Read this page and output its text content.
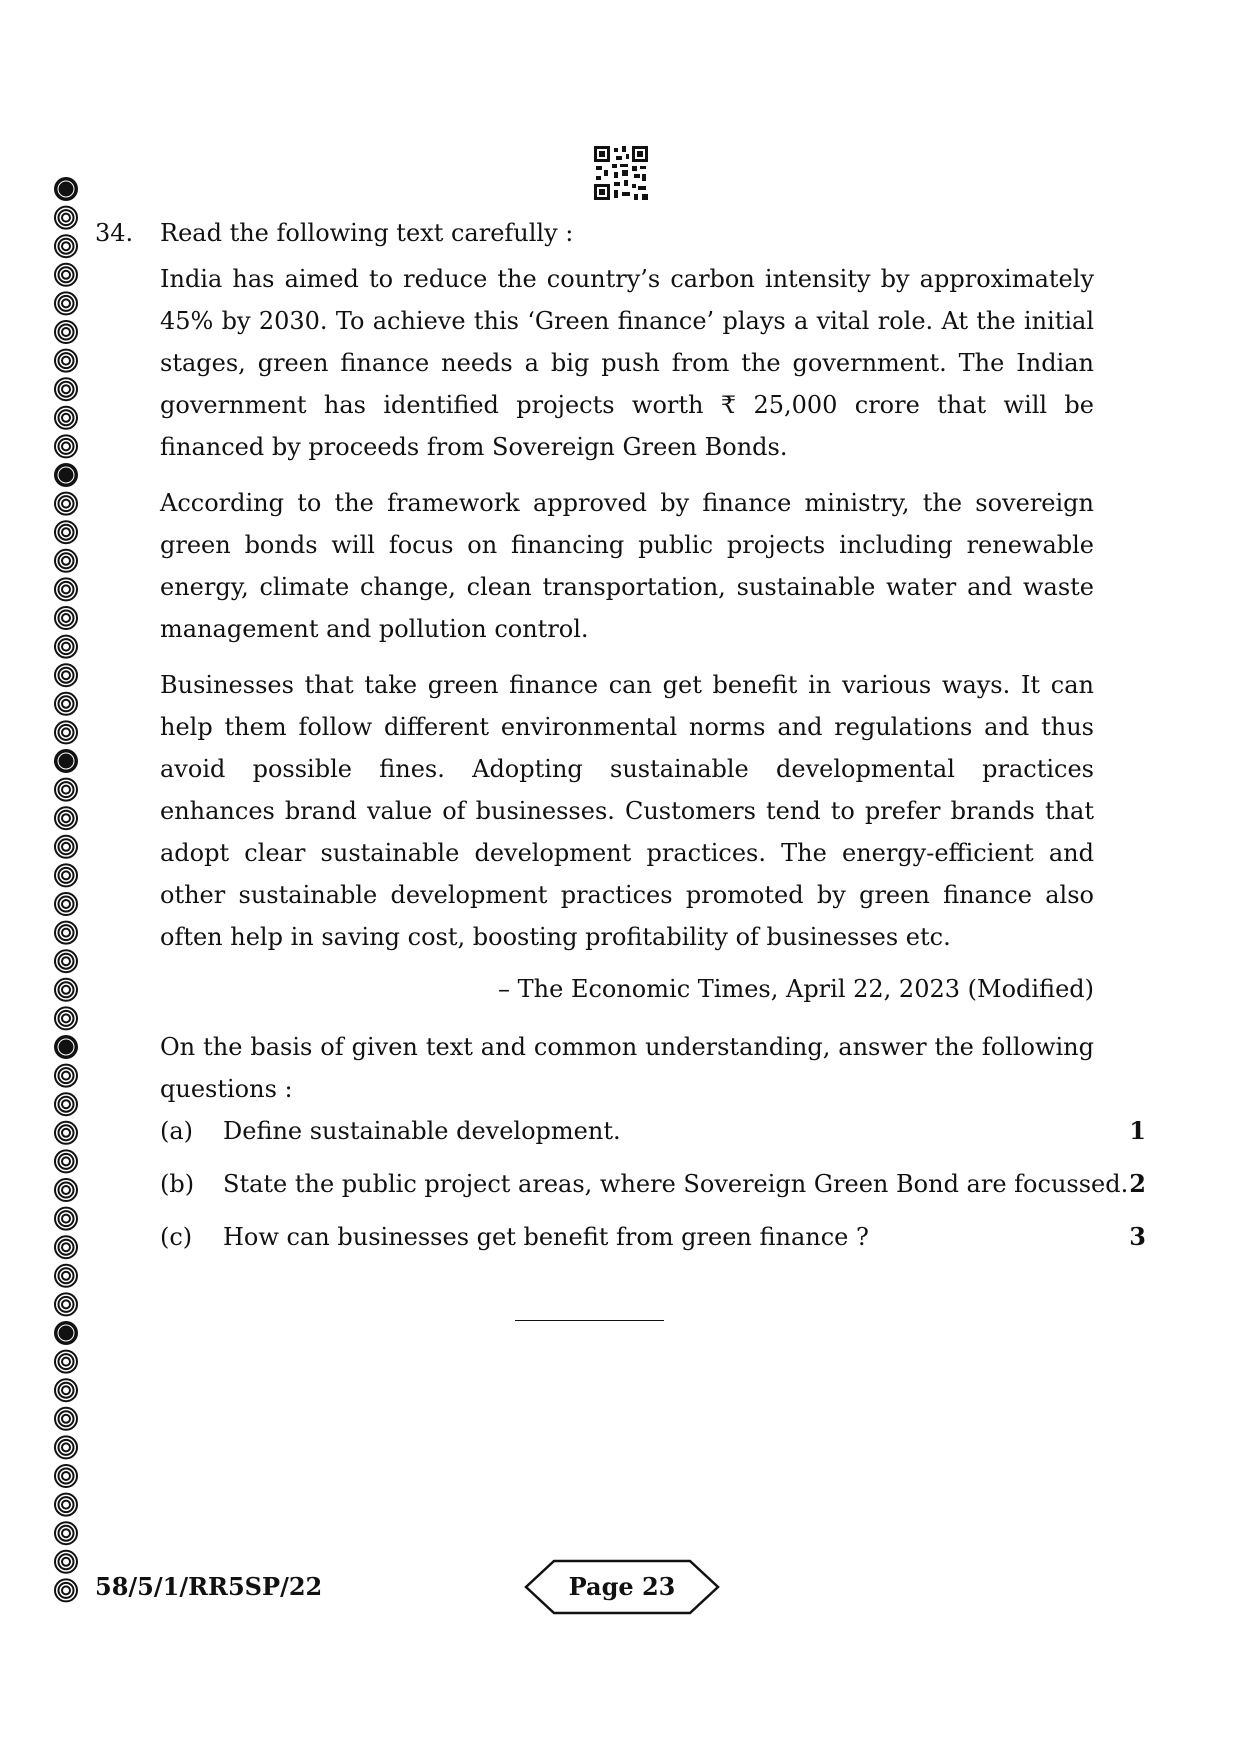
34. Read the following text carefully :

India has aimed to reduce the country’s carbon intensity by approximately 45% by 2030. To achieve this ‘Green finance’ plays a vital role. At the initial stages, green finance needs a big push from the government. The Indian government has identified projects worth ₹ 25,000 crore that will be financed by proceeds from Sovereign Green Bonds.

According to the framework approved by finance ministry, the sovereign green bonds will focus on financing public projects including renewable energy, climate change, clean transportation, sustainable water and waste management and pollution control.

Businesses that take green finance can get benefit in various ways. It can help them follow different environmental norms and regulations and thus avoid possible fines. Adopting sustainable developmental practices enhances brand value of businesses. Customers tend to prefer brands that adopt clear sustainable development practices. The energy-efficient and other sustainable development practices promoted by green finance also often help in saving cost, boosting profitability of businesses etc.

– The Economic Times, April 22, 2023 (Modified)

On the basis of given text and common understanding, answer the following questions :

(a) Define sustainable development.	1
(b) State the public project areas, where Sovereign Green Bond are focussed. 2
(c) How can businesses get benefit from green finance ?	3
58/5/1/RR5SP/22	Page 23
